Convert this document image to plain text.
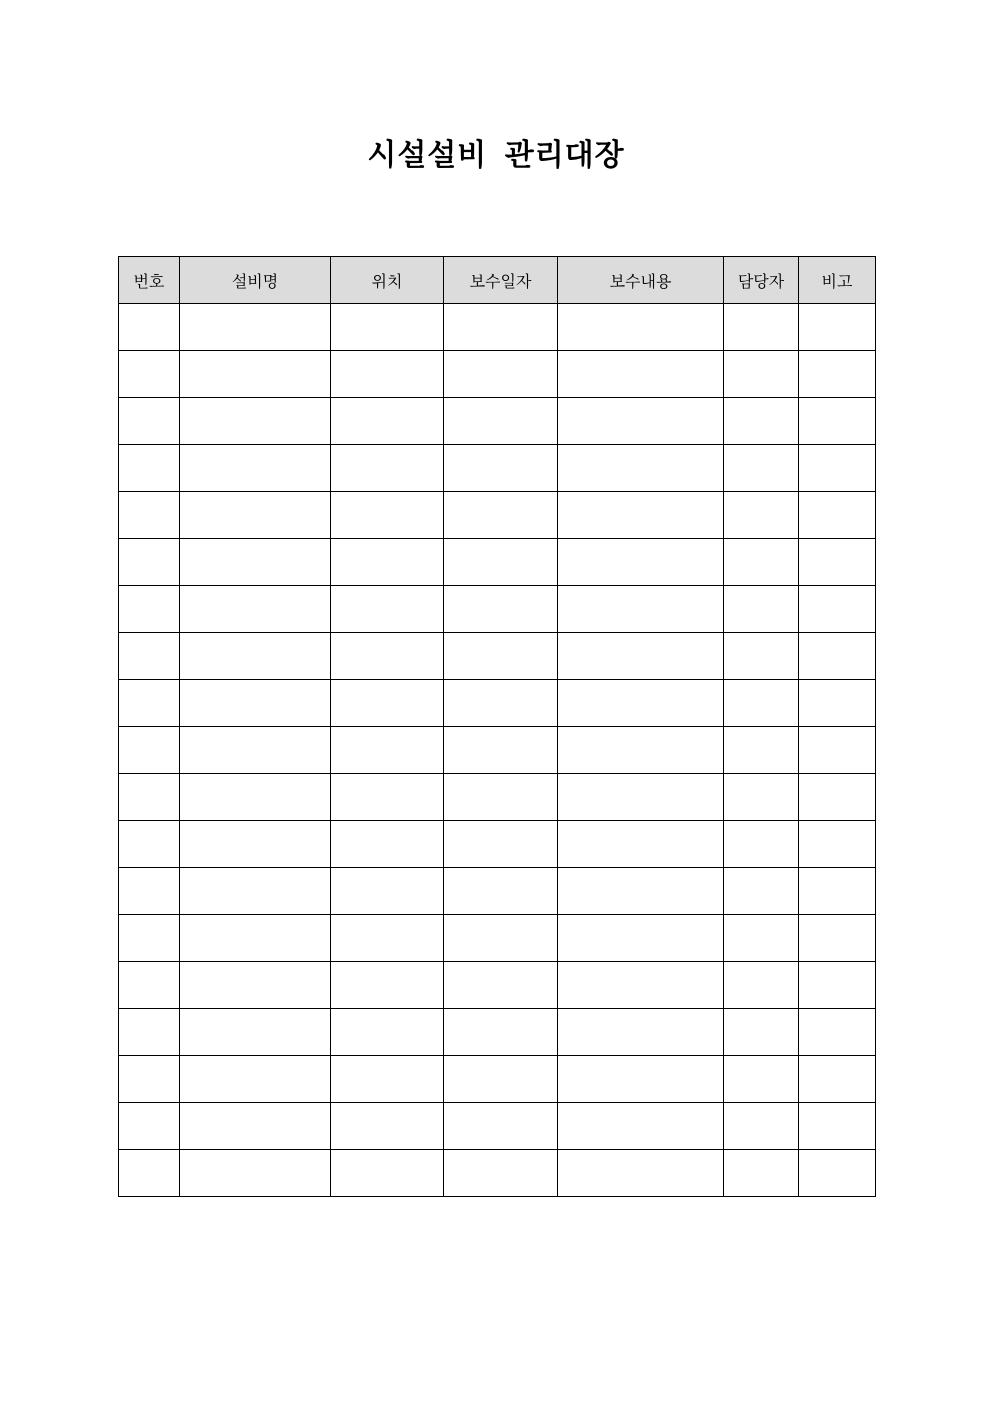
시설설비 관리대장
번호	설비명	위치	보수일자	보수내용	담당자	비고
